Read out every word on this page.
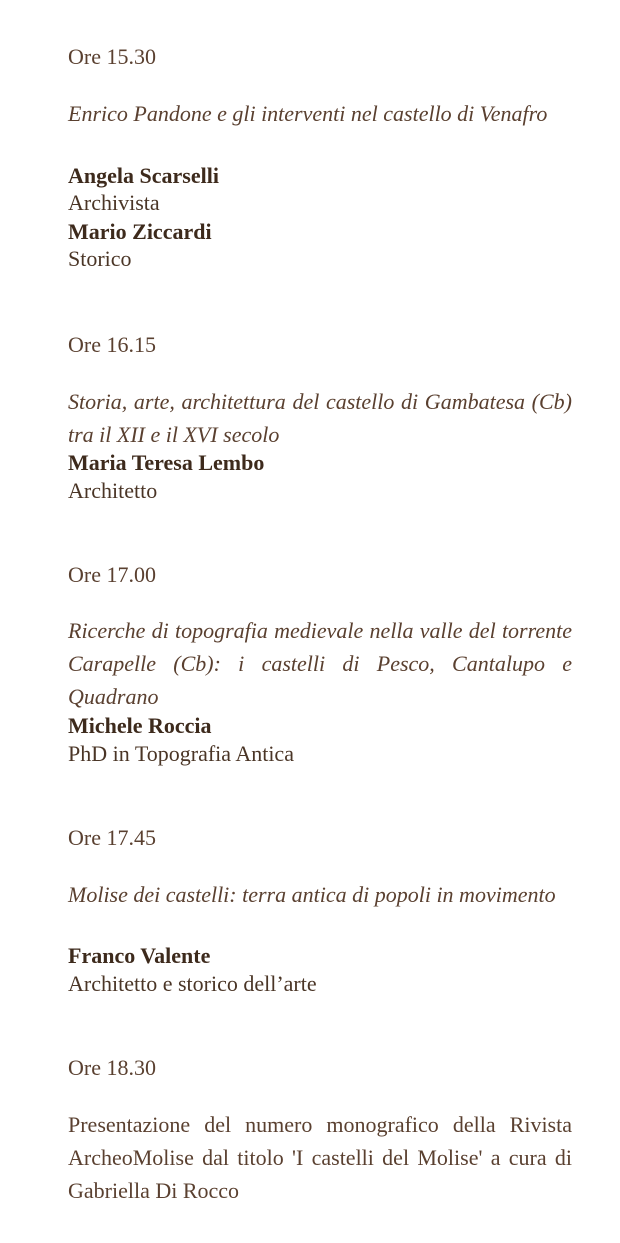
Ore 15.30
Enrico Pandone e gli interventi nel castello di Venafro
Angela Scarselli
Archivista
Mario Ziccardi
Storico
Ore 16.15
Storia, arte, architettura del castello di Gambatesa (Cb) tra il XII e il XVI secolo
Maria Teresa Lembo
Architetto
Ore 17.00
Ricerche di topografia medievale nella valle del torrente Carapelle (Cb): i castelli di Pesco, Cantalupo e Quadrano
Michele Roccia
PhD in Topografia Antica
Ore 17.45
Molise dei castelli: terra antica di popoli in movimento
Franco Valente
Architetto e storico dell’arte
Ore 18.30
Presentazione del numero monografico della Rivista ArcheoMolise dal titolo 'I castelli del Molise' a cura di Gabriella Di Rocco
